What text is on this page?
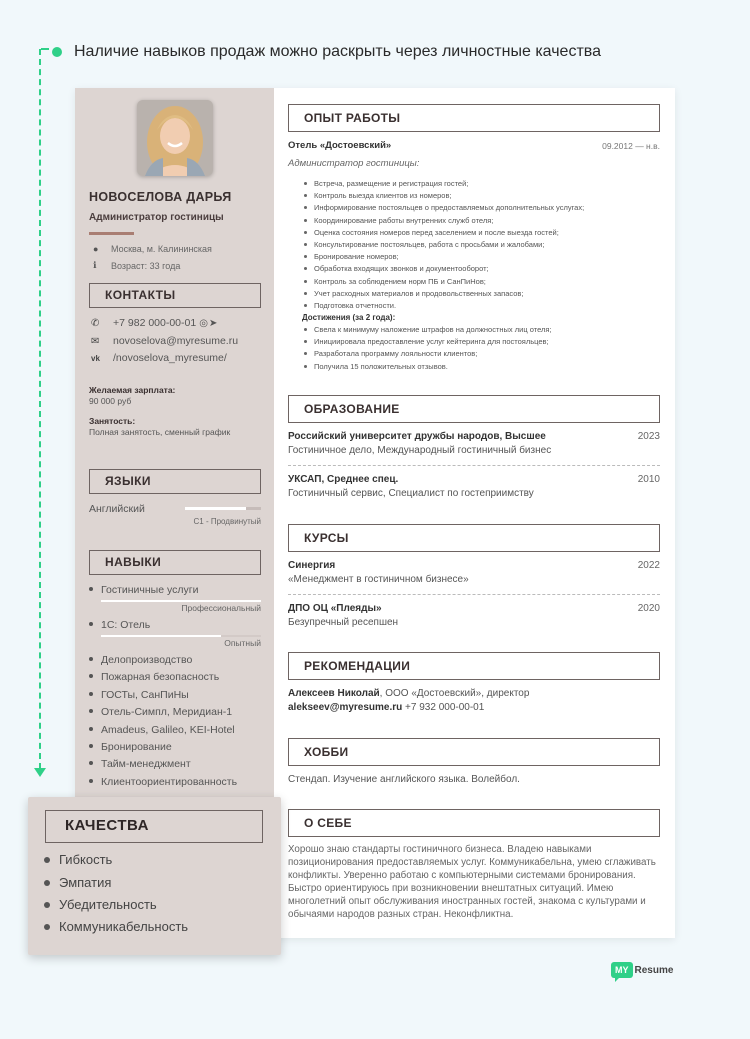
Наличие навыков продаж можно раскрыть через личностные качества
НОВОСЕЛОВА ДАРЬЯ
Администратор гостиницы
●	Москва, м. Калининская
ℹ	Возраст: 33 года
КОНТАКТЫ
✆	+7 982 000-00-01 ◎ ➤
✉	novoselova@myresume.ru
vk	/novoselova_myresume/
Желаемая зарплата:
90 000 руб
Занятость:
Полная занятость, сменный график
ЯЗЫКИ
Английский
C1 - Продвинутый
НАВЫКИ
Гостиничные услуги
Профессиональный
1С: Отель
Опытный
Делопроизводство
Пожарная безопасность
ГОСТы, СанПиНы
Отель-Симпл, Меридиан-1
Amadeus, Galileo, KEI-Hotel
Бронирование
Тайм-менеджмент
Клиентоориентированность
ОПЫТ РАБОТЫ
Отель «Достоевский»	09.2012 — н.в.
Администратор гостиницы:
Встреча, размещение и регистрация гостей;
Контроль выезда клиентов из номеров;
Информирование постояльцев о предоставляемых дополнительных услугах;
Координирование работы внутренних служб отеля;
Оценка состояния номеров перед заселением и после выезда гостей;
Консультирование постояльцев, работа с просьбами и жалобами;
Бронирование номеров;
Обработка входящих звонков и документооборот;
Контроль за соблюдением норм ПБ и СанПиНов;
Учет расходных материалов и продовольственных запасов;
Подготовка отчетности.
Достижения (за 2 года):
Свела к минимуму наложение штрафов на должностных лиц отеля;
Инициировала предоставление услуг кейтеринга для постояльцев;
Разработала программу лояльности клиентов;
Получила 15 положительных отзывов.
ОБРАЗОВАНИЕ
Российский университет дружбы народов, Высшее	2023
Гостиничное дело, Международный гостиничный бизнес
УКСАП, Среднее спец.	2010
Гостиничный сервис, Специалист по гостеприимству
КУРСЫ
Синергия	2022
«Менеджмент в гостиничном бизнесе»
ДПО ОЦ «Плеяды»	2020
Безупречный ресепшен
РЕКОМЕНДАЦИИ
Алексеев Николай, ООО «Достоевский», директор
alekseev@myresume.ru +7 932 000-00-01
ХОББИ
Стендап. Изучение английского языка. Волейбол.
О СЕБЕ
Хорошо знаю стандарты гостиничного бизнеса. Владею навыками позиционирования предоставляемых услуг. Коммуникабельна, умею сглаживать конфликты. Уверенно работаю с компьютерными системами бронирования. Быстро ориентируюсь при возникновении внештатных ситуаций. Имею многолетний опыт обслуживания иностранных гостей, знакома с культурами и обычаями народов разных стран. Неконфликтна.
КАЧЕСТВА
Гибкость
Эмпатия
Убедительность
Коммуникабельность
MY Resume
